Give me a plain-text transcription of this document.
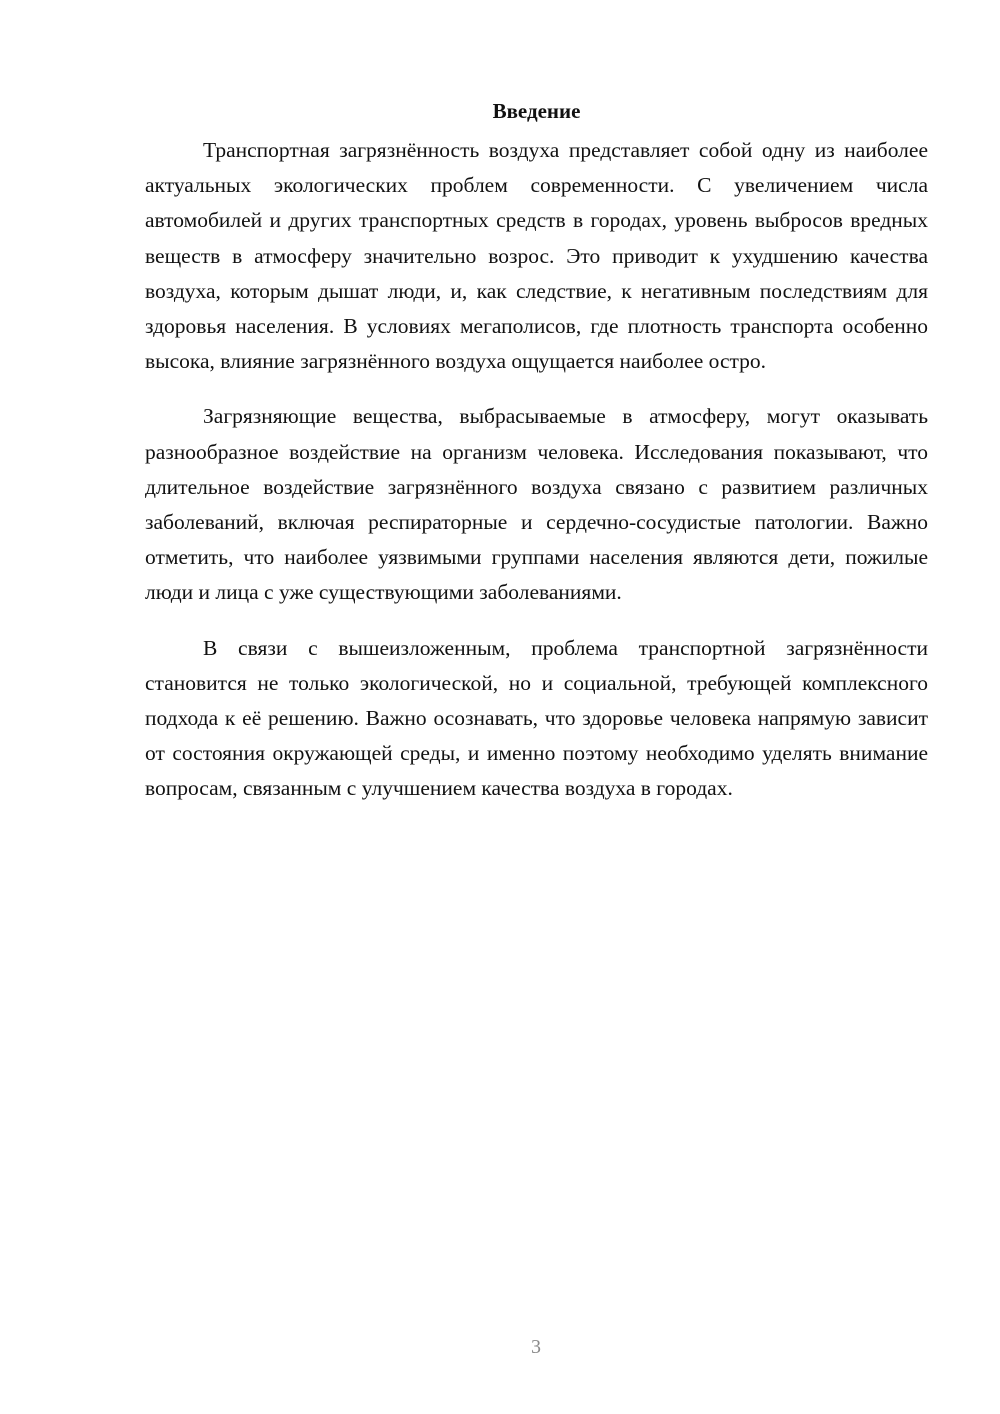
Введение

Транспортная загрязнённость воздуха представляет собой одну из наиболее актуальных экологических проблем современности. С увеличением числа автомобилей и других транспортных средств в городах, уровень выбросов вредных веществ в атмосферу значительно возрос. Это приводит к ухудшению качества воздуха, которым дышат люди, и, как следствие, к негативным последствиям для здоровья населения. В условиях мегаполисов, где плотность транспорта особенно высока, влияние загрязнённого воздуха ощущается наиболее остро.

Загрязняющие вещества, выбрасываемые в атмосферу, могут оказывать разнообразное воздействие на организм человека. Исследования показывают, что длительное воздействие загрязнённого воздуха связано с развитием различных заболеваний, включая респираторные и сердечно-сосудистые патологии. Важно отметить, что наиболее уязвимыми группами населения являются дети, пожилые люди и лица с уже существующими заболеваниями.

В связи с вышеизложенным, проблема транспортной загрязнённости становится не только экологической, но и социальной, требующей комплексного подхода к её решению. Важно осознавать, что здоровье человека напрямую зависит от состояния окружающей среды, и именно поэтому необходимо уделять внимание вопросам, связанным с улучшением качества воздуха в городах.

3
